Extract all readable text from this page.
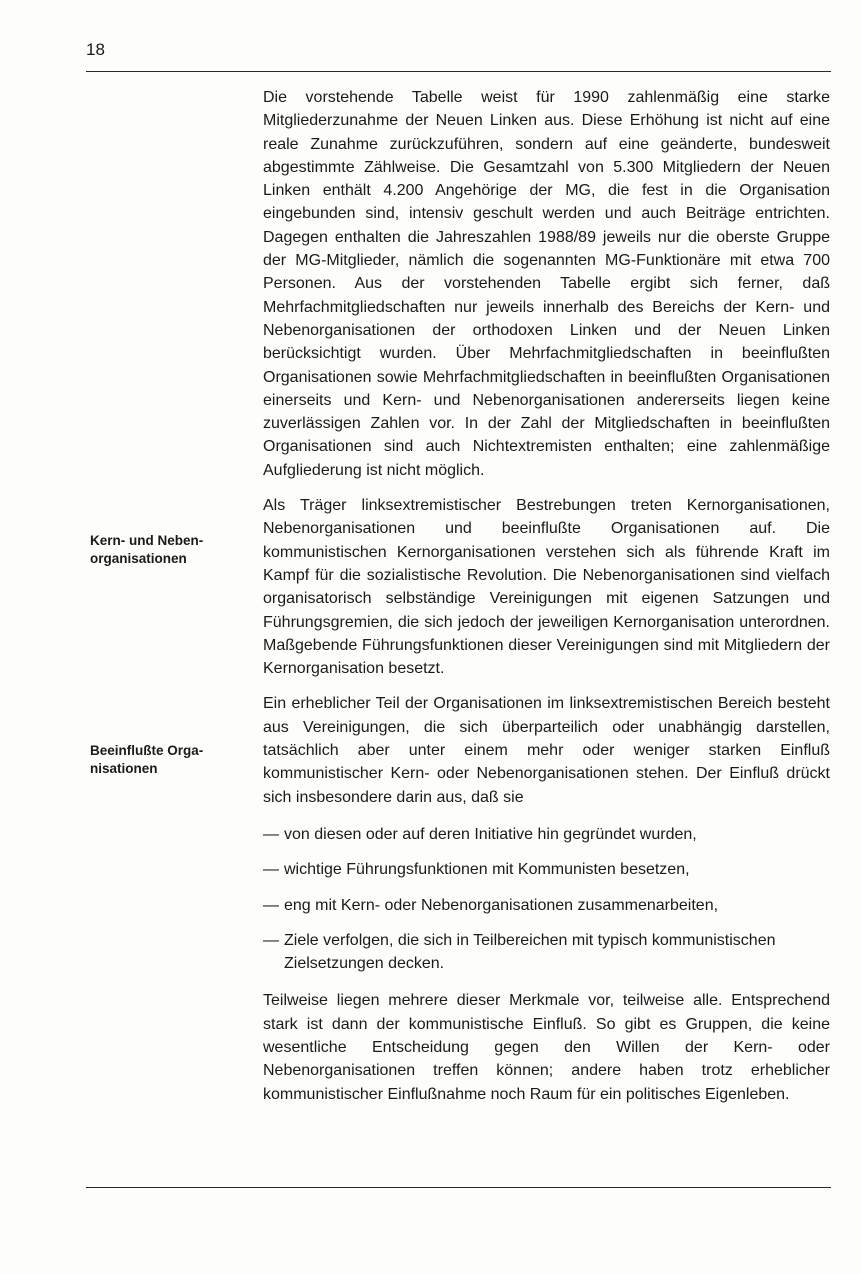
18
Kern- und Neben-organisationen
Beeinflußte Orga-nisationen

Die vorstehende Tabelle weist für 1990 zahlenmäßig eine starke Mitgliederzunahme der Neuen Linken aus. Diese Erhöhung ist nicht auf eine reale Zunahme zurückzuführen, sondern auf eine geänderte, bundesweit abgestimmte Zählweise. Die Gesamtzahl von 5.300 Mitgliedern der Neuen Linken enthält 4.200 Angehörige der MG, die fest in die Organisation eingebunden sind, intensiv geschult werden und auch Beiträge entrichten. Dagegen enthalten die Jahreszahlen 1988/89 jeweils nur die oberste Gruppe der MG-Mitglieder, nämlich die sogenannten MG-Funktionäre mit etwa 700 Personen. Aus der vorstehenden Tabelle ergibt sich ferner, daß Mehrfachmitgliedschaften nur jeweils innerhalb des Bereichs der Kern- und Nebenorganisationen der orthodoxen Linken und der Neuen Linken berücksichtigt wurden. Über Mehrfachmitgliedschaften in beeinflußten Organisationen sowie Mehrfachmitgliedschaften in beeinflußten Organisationen einerseits und Kern- und Nebenorganisationen andererseits liegen keine zuverlässigen Zahlen vor. In der Zahl der Mitgliedschaften in beeinflußten Organisationen sind auch Nichtextremisten enthalten; eine zahlenmäßige Aufgliederung ist nicht möglich.

Als Träger linksextremistischer Bestrebungen treten Kernorganisationen, Nebenorganisationen und beeinflußte Organisationen auf. Die kommunistischen Kernorganisationen verstehen sich als führende Kraft im Kampf für die sozialistische Revolution. Die Nebenorganisationen sind vielfach organisatorisch selbständige Vereinigungen mit eigenen Satzungen und Führungsgremien, die sich jedoch der jeweiligen Kernorganisation unterordnen. Maßgebende Führungsfunktionen dieser Vereinigungen sind mit Mitgliedern der Kernorganisation besetzt.

Ein erheblicher Teil der Organisationen im linksextremistischen Bereich besteht aus Vereinigungen, die sich überparteilich oder unabhängig darstellen, tatsächlich aber unter einem mehr oder weniger starken Einfluß kommunistischer Kern- oder Nebenorganisationen stehen. Der Einfluß drückt sich insbesondere darin aus, daß sie

— von diesen oder auf deren Initiative hin gegründet wurden,
— wichtige Führungsfunktionen mit Kommunisten besetzen,
— eng mit Kern- oder Nebenorganisationen zusammenarbeiten,
— Ziele verfolgen, die sich in Teilbereichen mit typisch kommunistischen Zielsetzungen decken.

Teilweise liegen mehrere dieser Merkmale vor, teilweise alle. Entsprechend stark ist dann der kommunistische Einfluß. So gibt es Gruppen, die keine wesentliche Entscheidung gegen den Willen der Kern- oder Nebenorganisationen treffen können; andere haben trotz erheblicher kommunistischer Einflußnahme noch Raum für ein politisches Eigenleben.
